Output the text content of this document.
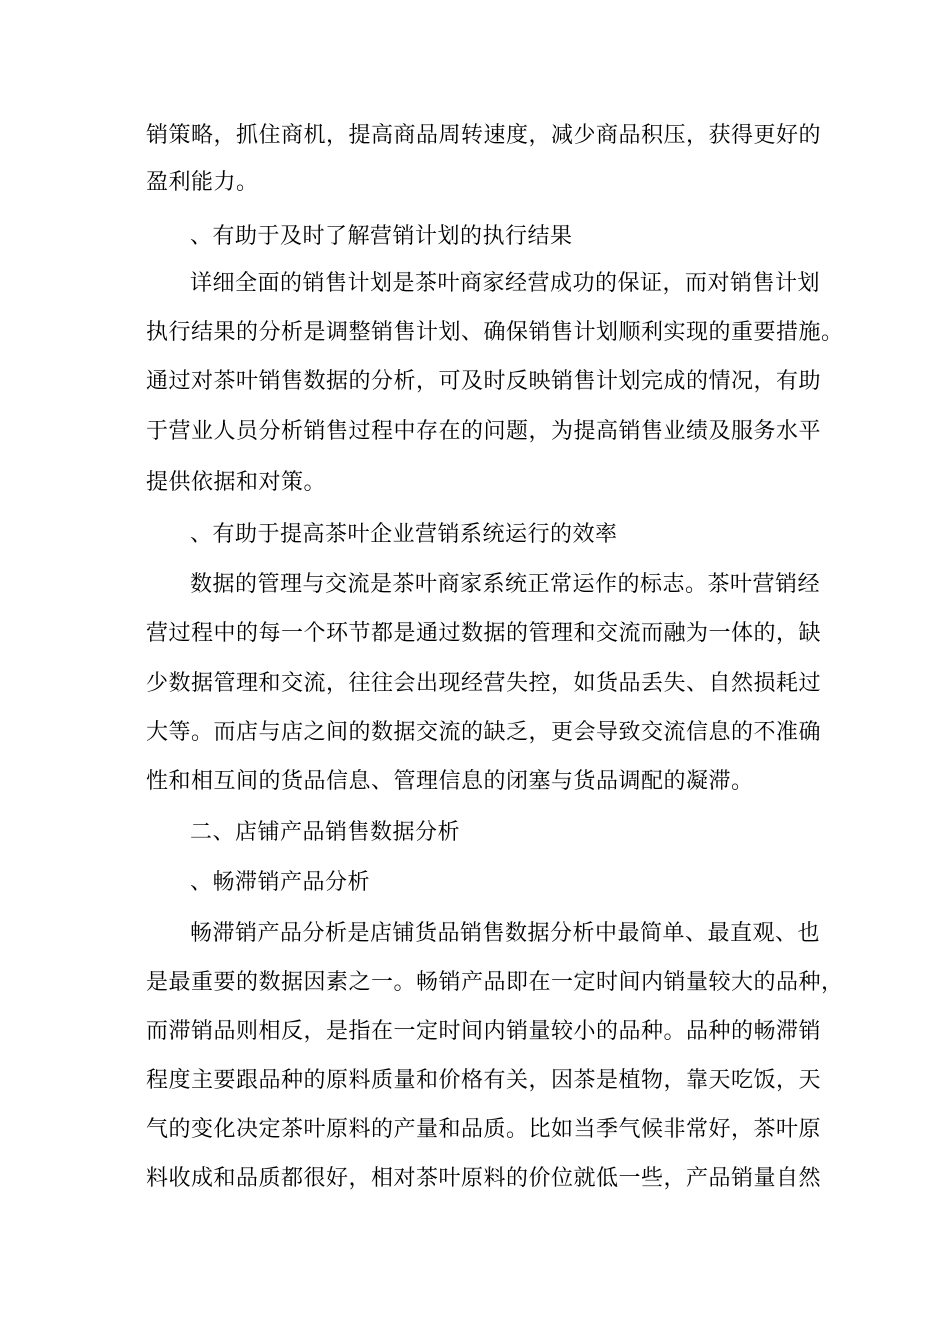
销策略，抓住商机，提高商品周转速度，减少商品积压，获得更好的
盈利能力。
、有助于及时了解营销计划的执行结果
详细全面的销售计划是茶叶商家经营成功的保证，而对销售计划
执行结果的分析是调整销售计划、确保销售计划顺利实现的重要措施。
通过对茶叶销售数据的分析，可及时反映销售计划完成的情况，有助
于营业人员分析销售过程中存在的问题，为提高销售业绩及服务水平
提供依据和对策。
、有助于提高茶叶企业营销系统运行的效率
数据的管理与交流是茶叶商家系统正常运作的标志。茶叶营销经
营过程中的每一个环节都是通过数据的管理和交流而融为一体的，缺
少数据管理和交流，往往会出现经营失控，如货品丢失、自然损耗过
大等。而店与店之间的数据交流的缺乏，更会导致交流信息的不准确
性和相互间的货品信息、管理信息的闭塞与货品调配的凝滞。
二、店铺产品销售数据分析
、畅滞销产品分析
畅滞销产品分析是店铺货品销售数据分析中最简单、最直观、也
是最重要的数据因素之一。畅销产品即在一定时间内销量较大的品种，
而滞销品则相反，是指在一定时间内销量较小的品种。品种的畅滞销
程度主要跟品种的原料质量和价格有关，因茶是植物，靠天吃饭，天
气的变化决定茶叶原料的产量和品质。比如当季气候非常好，茶叶原
料收成和品质都很好，相对茶叶原料的价位就低一些，产品销量自然
